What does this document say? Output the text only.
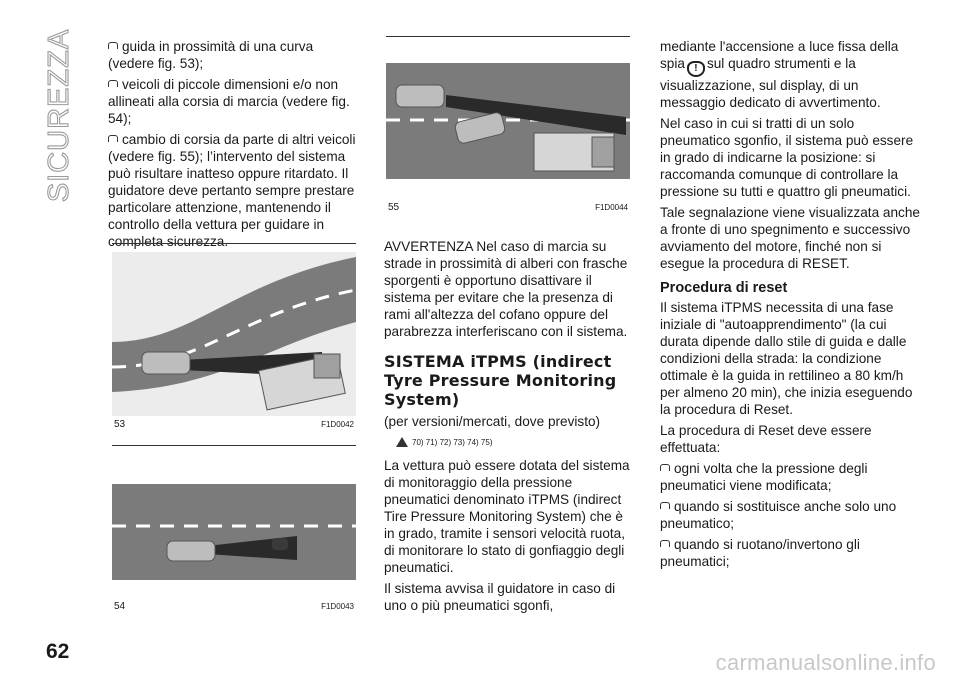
SICUREZZA	guida in prossimità di una curva (vedere fig. 53);

veicoli di piccole dimensioni e/o non allineati alla corsia di marcia (vedere fig. 54);

cambio di corsia da parte di altri veicoli (vedere fig. 55); l’intervento del sistema può risultare inatteso oppure ritardato. Il guidatore deve pertanto sempre prestare particolare attenzione, mantenendo il controllo della vettura per guidare in completa sicurezza.

53	F1D0042
54	F1D0043
55	F1D0044

AVVERTENZA Nel caso di marcia su strade in prossimità di alberi con frasche sporgenti è opportuno disattivare il sistema per evitare che la presenza di rami all'altezza del cofano oppure del parabrezza interferiscano con il sistema.

SISTEMA iTPMS (indirect Tyre Pressure Monitoring System)

(per versioni/mercati, dove previsto)

70) 71) 72) 73) 74) 75)

La vettura può essere dotata del sistema di monitoraggio della pressione pneumatici denominato iTPMS (indirect Tire Pressure Monitoring System) che è in grado, tramite i sensori velocità ruota, di monitorare lo stato di gonfiaggio degli pneumatici.

Il sistema avvisa il guidatore in caso di uno o più pneumatici sgonfi,

mediante l'accensione a luce fissa della spia ! sul quadro strumenti e la visualizzazione, sul display, di un messaggio dedicato di avvertimento.

Nel caso in cui si tratti di un solo pneumatico sgonfio, il sistema può essere in grado di indicarne la posizione: si raccomanda comunque di controllare la pressione su tutti e quattro gli pneumatici.

Tale segnalazione viene visualizzata anche a fronte di uno spegnimento e successivo avviamento del motore, finché non si esegue la procedura di RESET.

Procedura di reset

Il sistema iTPMS necessita di una fase iniziale di "autoapprendimento" (la cui durata dipende dallo stile di guida e dalle condizioni della strada: la condizione ottimale è la guida in rettilineo a 80 km/h per almeno 20 min), che inizia eseguendo la procedura di Reset.

La procedura di Reset deve essere effettuata:

ogni volta che la pressione degli pneumatici viene modificata;

quando si sostituisce anche solo uno pneumatico;

quando si ruotano/invertono gli pneumatici;

62	carmanualsonline.info
